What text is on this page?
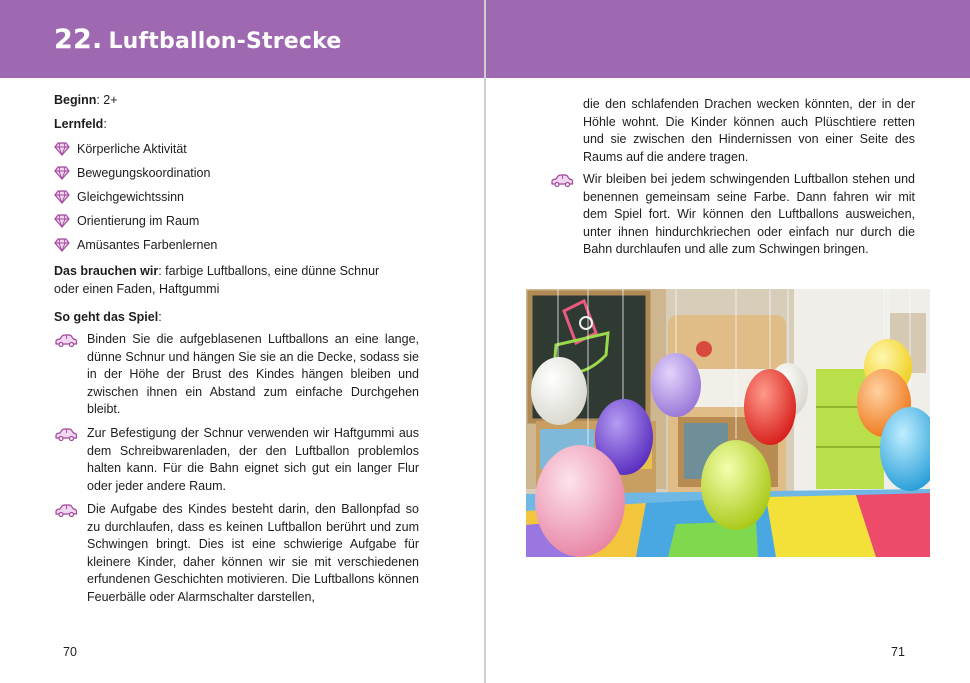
22. Luftballon-Strecke
Beginn: 2+
Lernfeld:
Körperliche Aktivität
Bewegungskoordination
Gleichgewichtssinn
Orientierung im Raum
Amüsantes Farbenlernen
Das brauchen wir: farbige Luftballons, eine dünne Schnur oder einen Faden, Haftgummi
So geht das Spiel:

Binden Sie die aufgeblasenen Luftballons an eine lange, dünne Schnur und hängen Sie sie an die Decke, sodass sie in der Höhe der Brust des Kindes hängen bleiben und zwischen ihnen ein Abstand zum einfache Durchgehen bleibt.

Zur Befestigung der Schnur verwenden wir Haftgummi aus dem Schreibwarenladen, der den Luftballon problemlos halten kann. Für die Bahn eignet sich gut ein langer Flur oder jeder andere Raum.

Die Aufgabe des Kindes besteht darin, den Ballonpfad so zu durchlaufen, dass es keinen Luftballon berührt und zum Schwingen bringt. Dies ist eine schwierige Aufgabe für kleinere Kinder, daher können wir sie mit verschiedenen erfundenen Geschichten motivieren. Die Luftballons können Feuerbälle oder Alarmschalter darstellen,

70

die den schlafenden Drachen wecken könnten, der in der Höhle wohnt. Die Kinder können auch Plüschtiere retten und sie zwischen den Hindernissen von einer Seite des Raums auf die andere tragen.

Wir bleiben bei jedem schwingenden Luftballon stehen und benennen gemeinsam seine Farbe. Dann fahren wir mit dem Spiel fort. Wir können den Luftballons ausweichen, unter ihnen hindurchkriechen oder einfach nur durch die Bahn durchlaufen und alle zum Schwingen bringen.

71
